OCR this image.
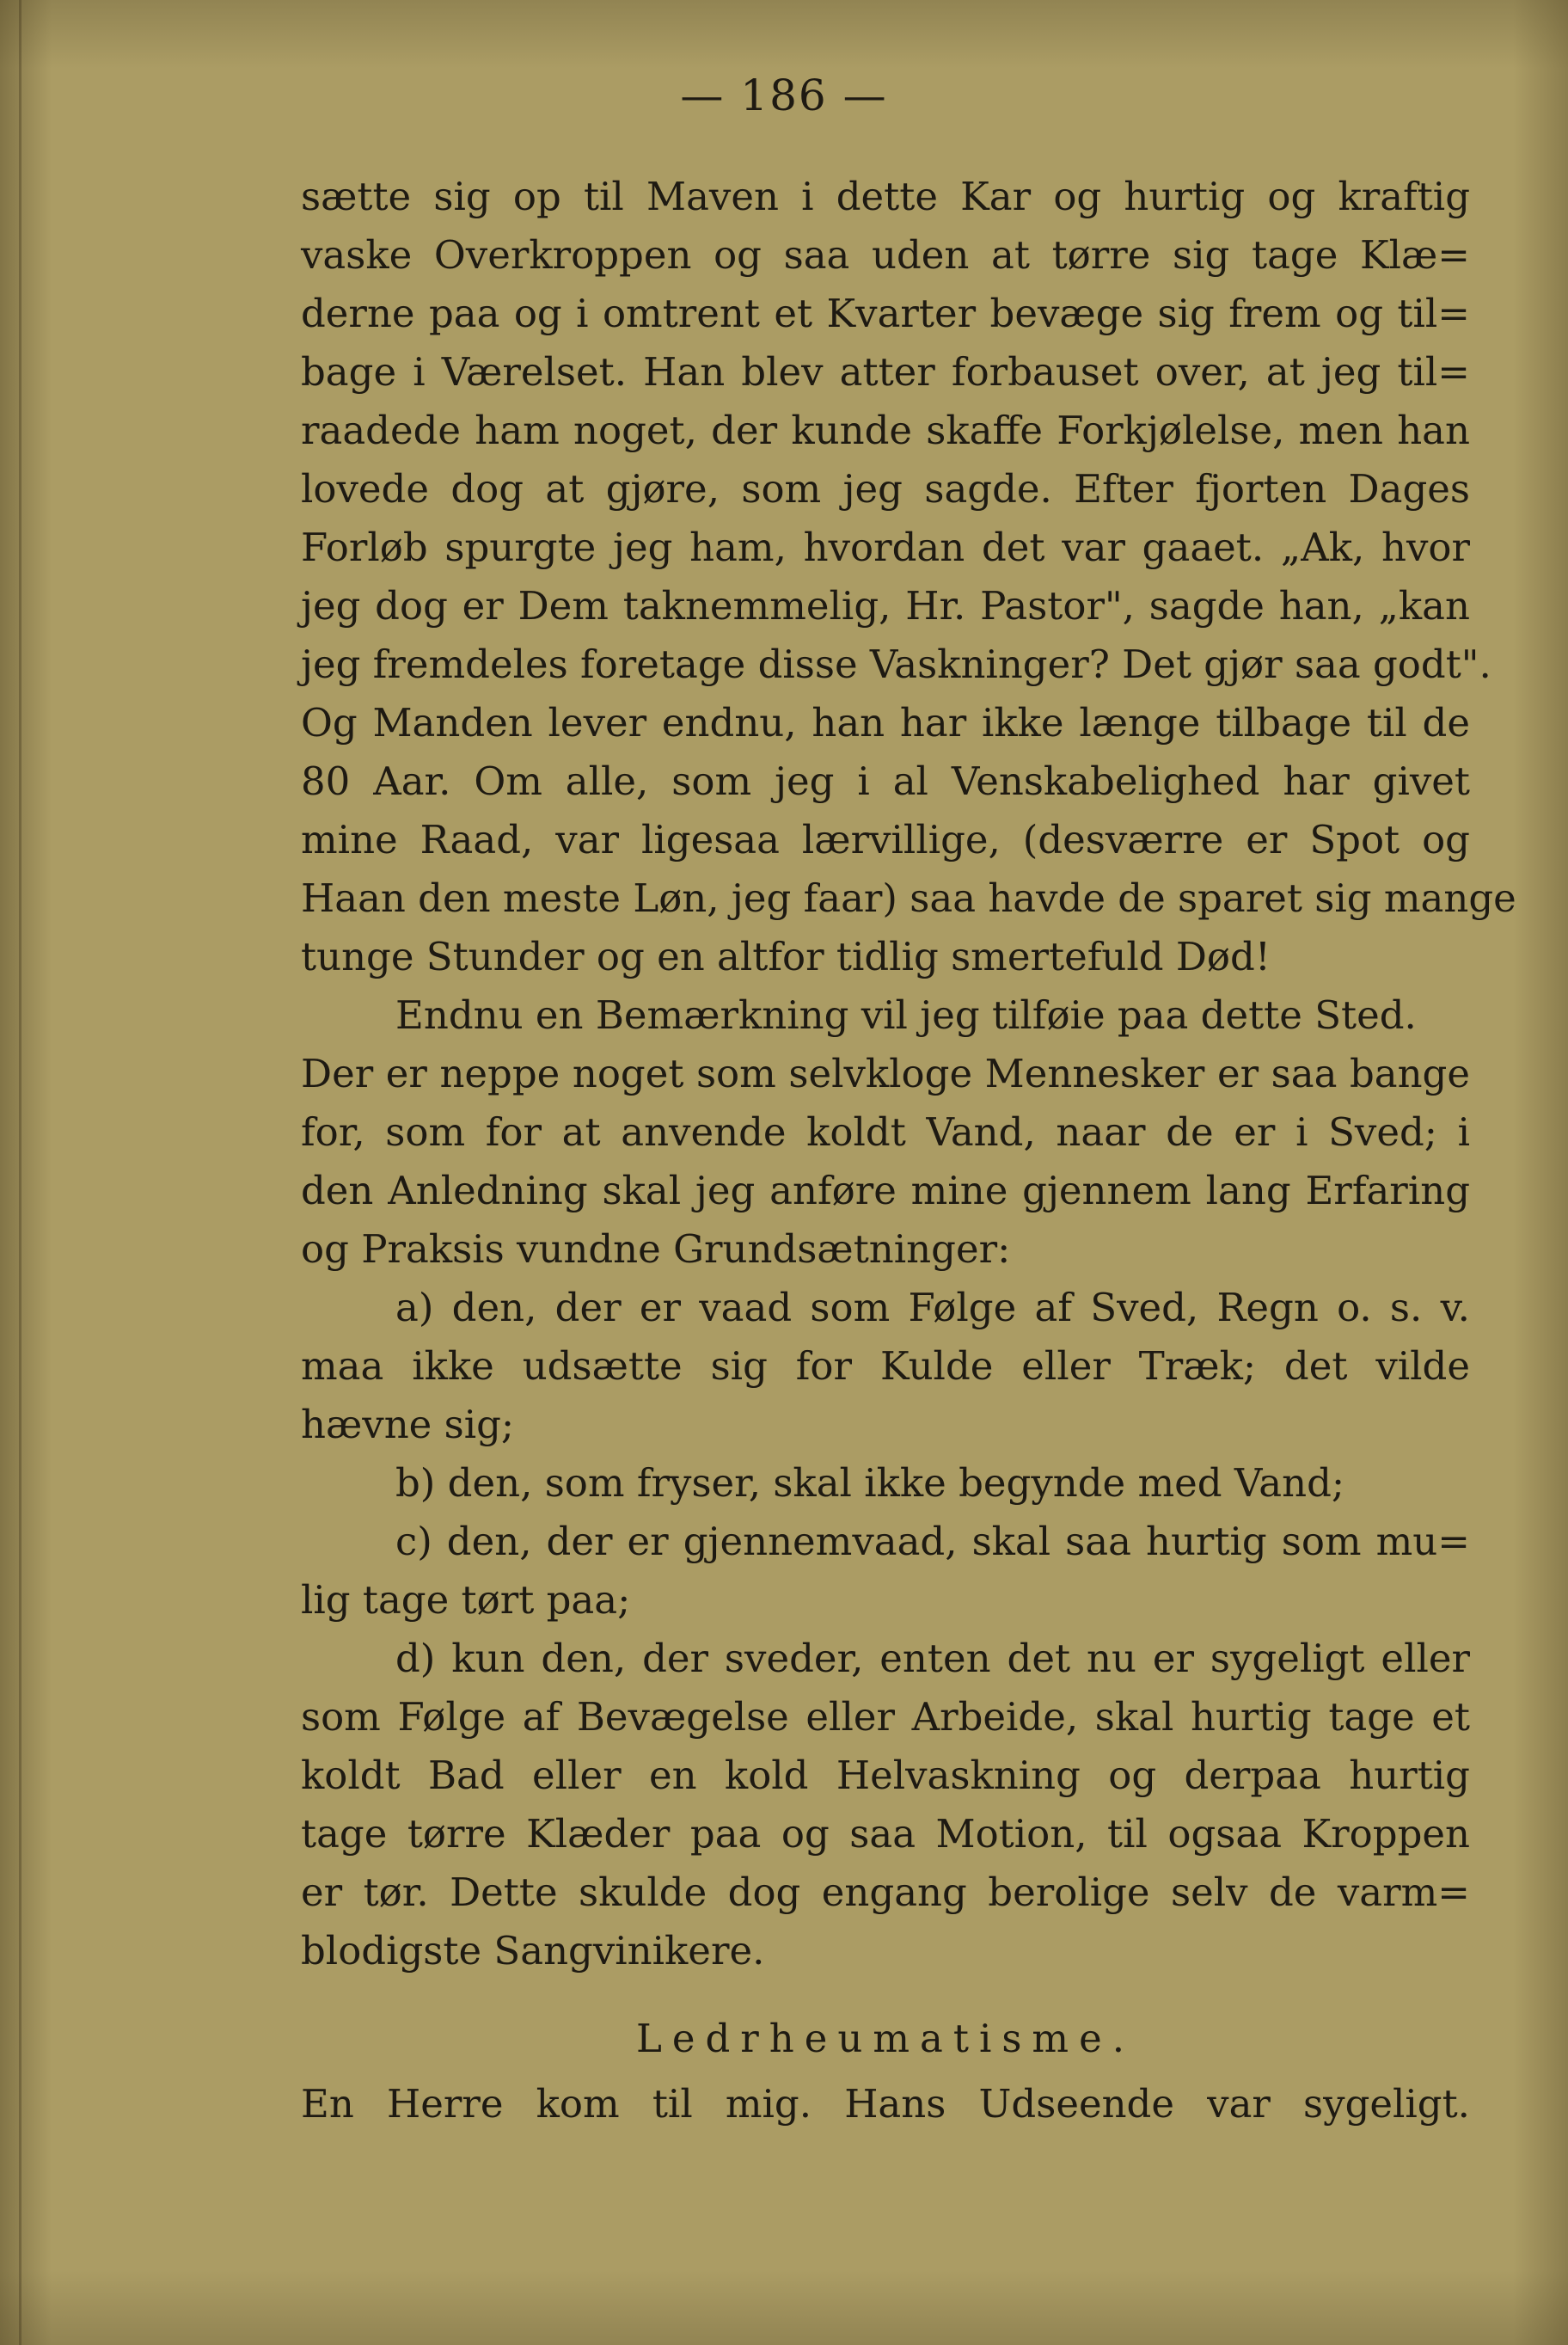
— 186 —
sætte sig op til Maven i dette Kar og hurtig og kraftig
vaske Overkroppen og saa uden at tørre sig tage Klæ=
derne paa og i omtrent et Kvarter bevæge sig frem og til=
bage i Værelset. Han blev atter forbauset over, at jeg til=
raadede ham noget, der kunde skaffe Forkjølelse, men han
lovede dog at gjøre, som jeg sagde. Efter fjorten Dages
Forløb spurgte jeg ham, hvordan det var gaaet. „Ak, hvor
jeg dog er Dem taknemmelig, Hr. Pastor", sagde han, „kan
jeg fremdeles foretage disse Vaskninger? Det gjør saa godt".
Og Manden lever endnu, han har ikke længe tilbage til de
80 Aar. Om alle, som jeg i al Venskabelighed har givet
mine Raad, var ligesaa lærvillige, (desværre er Spot og
Haan den meste Løn, jeg faar) saa havde de sparet sig mange
tunge Stunder og en altfor tidlig smertefuld Død!
Endnu en Bemærkning vil jeg tilføie paa dette Sted.
Der er neppe noget som selvkloge Mennesker er saa bange
for, som for at anvende koldt Vand, naar de er i Sved; i
den Anledning skal jeg anføre mine gjennem lang Erfaring
og Praksis vundne Grundsætninger:
a) den, der er vaad som Følge af Sved, Regn o. s. v.
maa ikke udsætte sig for Kulde eller Træk; det vilde
hævne sig;
b) den, som fryser, skal ikke begynde med Vand;
c) den, der er gjennemvaad, skal saa hurtig som mu=
lig tage tørt paa;
d) kun den, der sveder, enten det nu er sygeligt eller
som Følge af Bevægelse eller Arbeide, skal hurtig tage et
koldt Bad eller en kold Helvaskning og derpaa hurtig
tage tørre Klæder paa og saa Motion, til ogsaa Kroppen
er tør. Dette skulde dog engang berolige selv de varm=
blodigste Sangvinikere.
Ledrheumatisme.
En Herre kom til mig. Hans Udseende var sygeligt.
